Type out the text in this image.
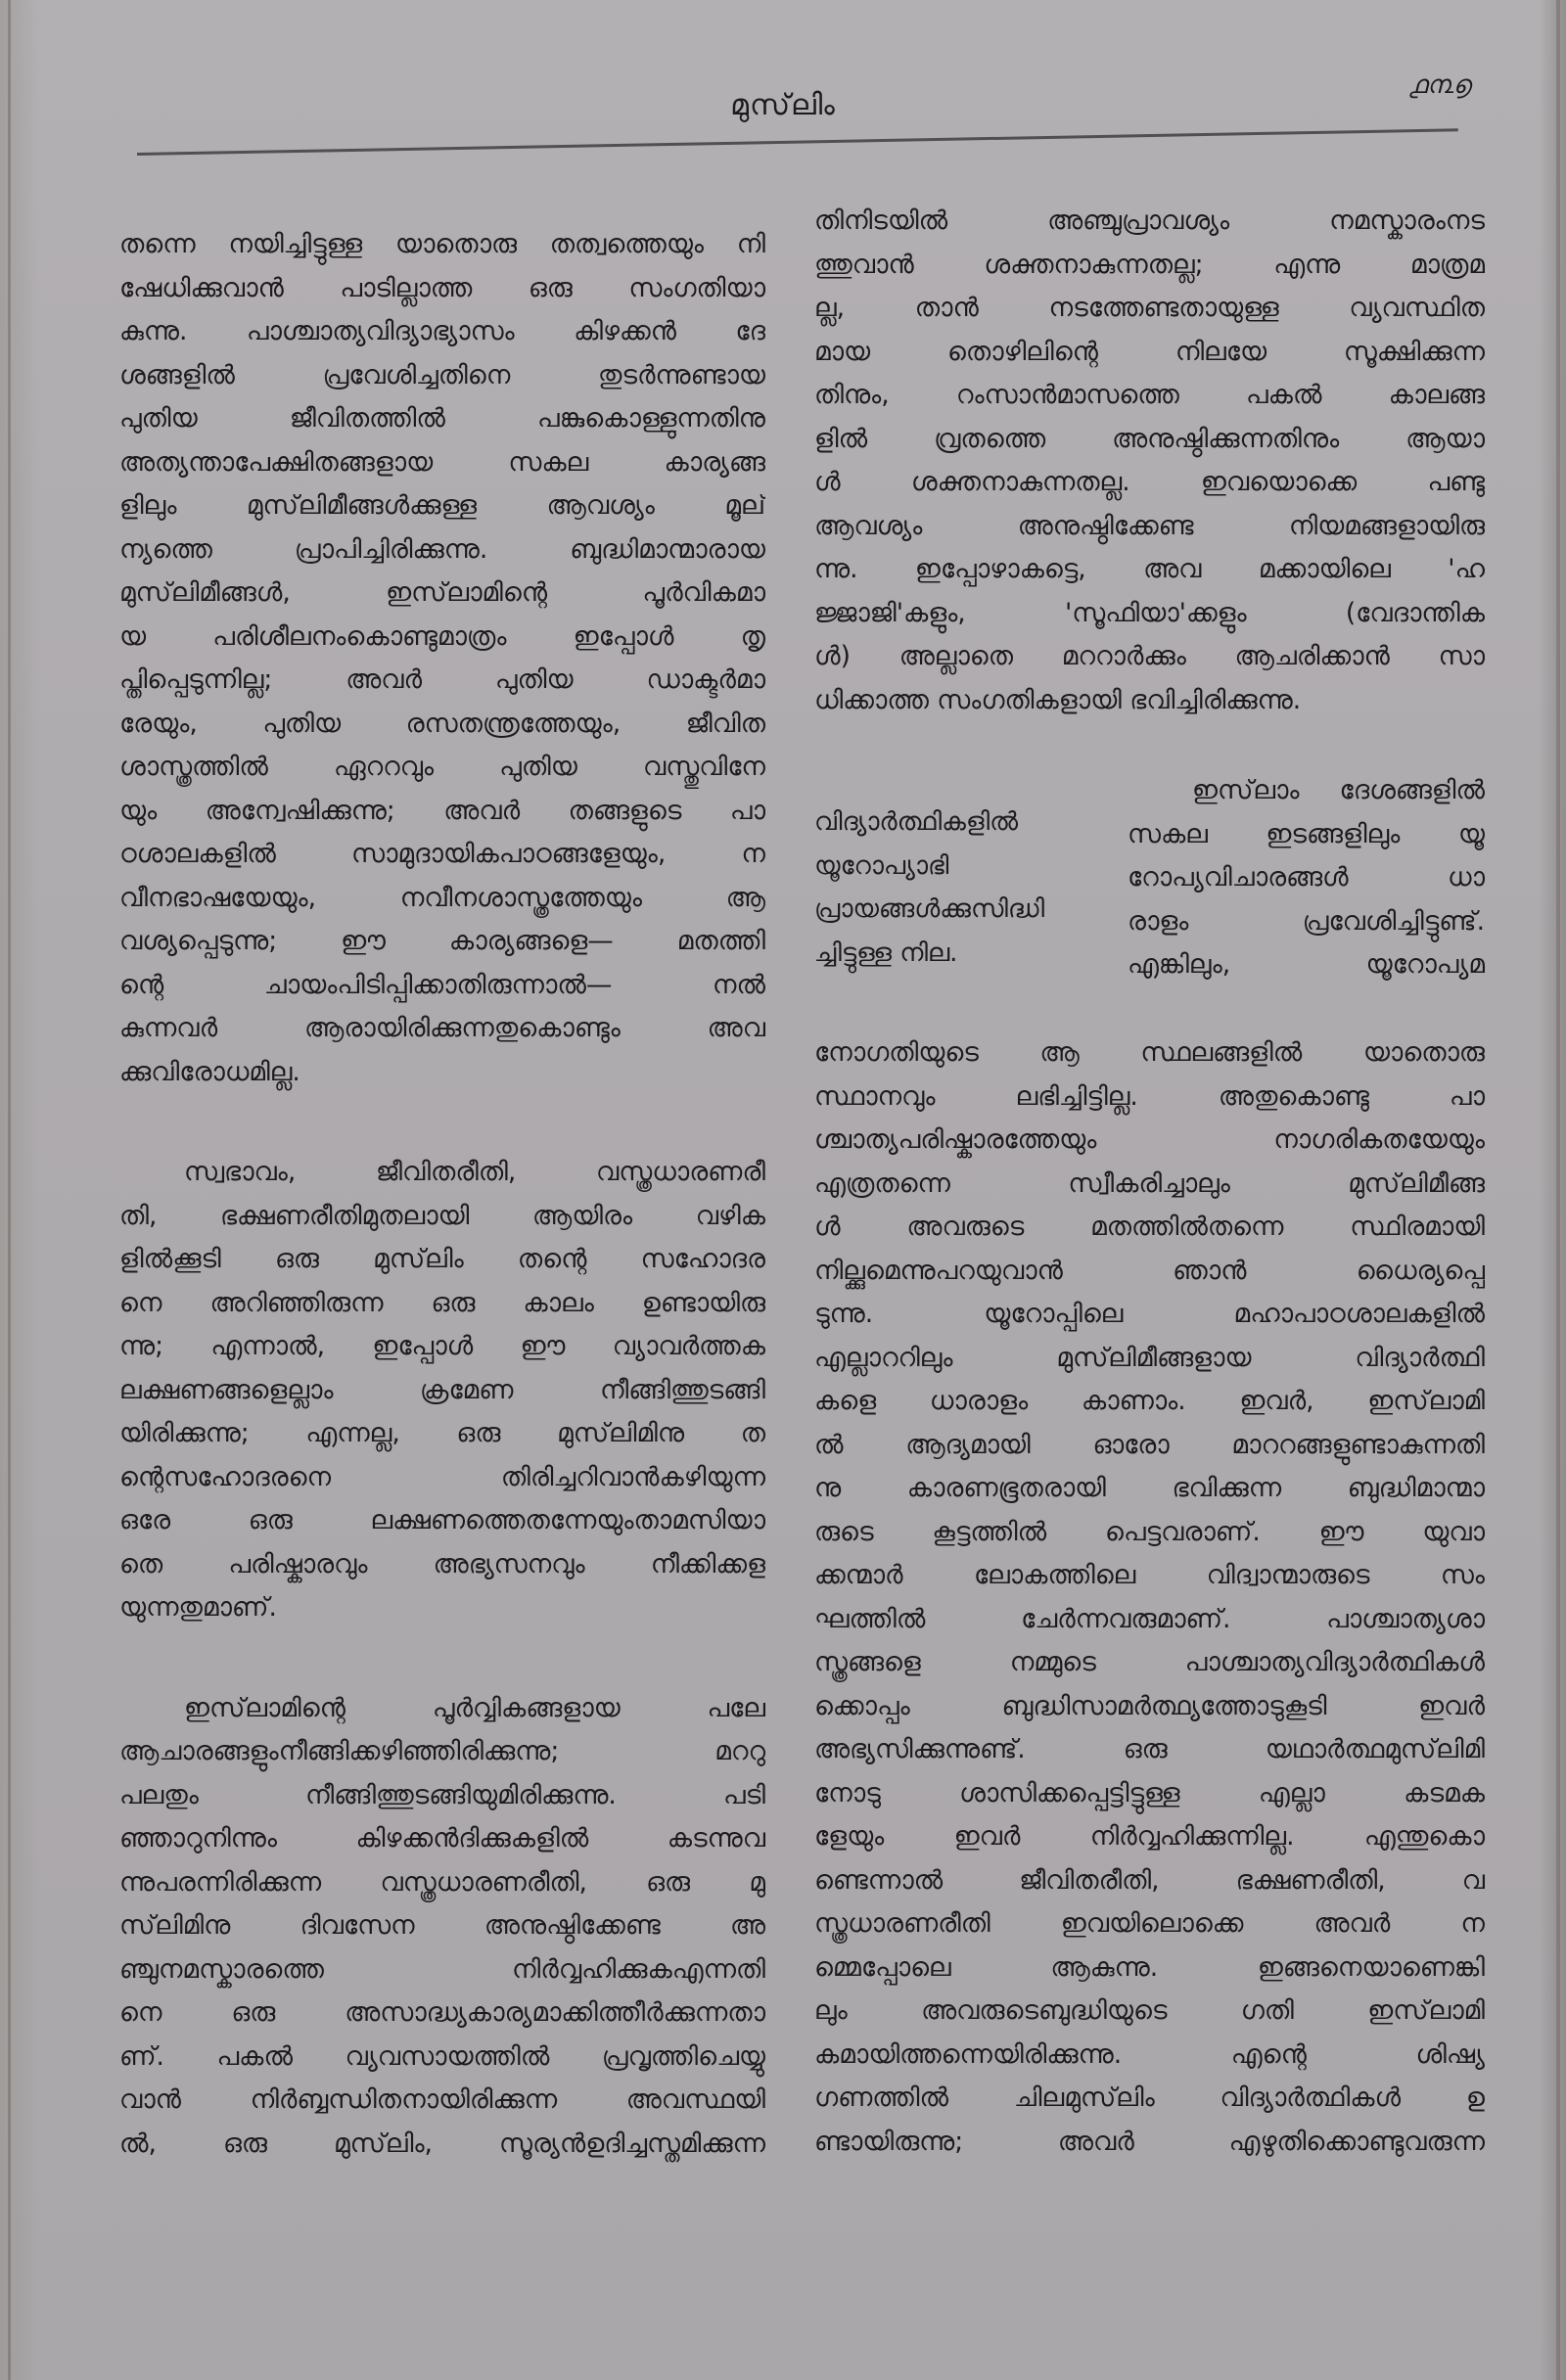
മുസ്‌ലിം
൧൩൭
തന്നെ നയിച്ചിട്ടുള്ള യാതൊരു തത്വത്തെയും നി
ഷേധിക്കുവാൻ പാടില്ലാത്ത ഒരു സംഗതിയാ
കുന്നു. പാശ്ചാത്യവിദ്യാഭ്യാസം കിഴക്കൻ ദേ
ശങ്ങളിൽ പ്രവേശിച്ചതിനെ തുടർന്നുണ്ടായ
പുതിയ ജീവിതത്തിൽ പങ്കുകൊള്ളുന്നതിനു
അത്യന്താപേക്ഷിതങ്ങളായ സകല കാര്യങ്ങ
ളിലും മുസ്‌ലിമീങ്ങൾക്കുള്ള ആവശ്യം മൂല്
ന്യത്തെ പ്രാപിച്ചിരിക്കുന്നു. ബുദ്ധിമാന്മാരായ
മുസ്‌ലിമീങ്ങൾ, ഇസ്‌ലാമിന്റെ പൂർവികമാ
യ പരിശീലനംകൊണ്ടുമാത്രം ഇപ്പോൾ തൃ
പ്തിപ്പെടുന്നില്ല; അവർ പുതിയ ഡാക്ടർമാ
രേയും, പുതിയ രസതന്ത്രത്തേയും, ജീവിത
ശാസ്ത്രത്തിൽ ഏററവും പുതിയ വസ്തുവിനേ
യും അന്വേഷിക്കുന്നു; അവർ തങ്ങളുടെ പാ
ഠശാലകളിൽ സാമുദായികപാഠങ്ങളേയും, ന
വീനഭാഷയേയും, നവീനശാസ്ത്രത്തേയും ആ
വശ്യപ്പെടുന്നു; ഈ കാര്യങ്ങളെ— മതത്തി
ന്റെ ചായംപിടിപ്പിക്കാതിരുന്നാൽ— നൽ
കുന്നവർ ആരായിരിക്കുന്നതുകൊണ്ടും അവ
ക്കുവിരോധമില്ല.
സ്വഭാവം, ജീവിതരീതി, വസ്ത്രധാരണരീ
തി, ഭക്ഷണരീതിമുതലായി ആയിരം വഴിക
ളിൽക്കൂടി ഒരു മുസ്‌ലിം തന്റെ സഹോദര
നെ അറിഞ്ഞിരുന്ന ഒരു കാലം ഉണ്ടായിരു
ന്നു; എന്നാൽ, ഇപ്പോൾ ഈ വ്യാവർത്തക
ലക്ഷണങ്ങളെല്ലാം ക്രമേണ നീങ്ങിത്തുടങ്ങി
യിരിക്കുന്നു; എന്നല്ല, ഒരു മുസ്‌ലിമിനു ത
ന്റെസഹോദരനെ തിരിച്ചറിവാൻകഴിയുന്ന
ഒരേ ഒരു ലക്ഷണത്തെതന്നേയുംതാമസിയാ
തെ പരിഷ്കാരവും അഭ്യസനവും നീക്കിക്കള
യുന്നതുമാണ്.
ഇസ്‌ലാമിന്റെ പൂർവ്വികങ്ങളായ പലേ
ആചാരങ്ങളുംനീങ്ങിക്കഴിഞ്ഞിരിക്കുന്നു; മററു
പലതും നീങ്ങിത്തുടങ്ങിയുമിരിക്കുന്നു. പടി
ഞ്ഞാറുനിന്നും കിഴക്കൻദിക്കുകളിൽ കടന്നുവ
ന്നുപരന്നിരിക്കുന്ന വസ്ത്രധാരണരീതി, ഒരു മു
സ്‌ലിമിനു ദിവസേന അനുഷ്ഠിക്കേണ്ട അ
ഞ്ചുനമസ്കാരത്തെ നിർവ്വഹിക്കുകഎന്നതി
നെ ഒരു അസാദ്ധ്യകാര്യമാക്കിത്തീർക്കുന്നതാ
ണ്. പകൽ വ്യവസായത്തിൽ പ്രവൃത്തിചെയ്യു
വാൻ നിർബ്ബന്ധിതനായിരിക്കുന്ന അവസ്ഥയി
ൽ, ഒരു മുസ്‌ലിം, സൂര്യൻഉദിച്ചസ്തമിക്കുന്ന
തിനിടയിൽ അഞ്ചുപ്രാവശ്യം നമസ്കാരംനട
ത്തുവാൻ ശക്തനാകുന്നതല്ല; എന്നു മാത്രമ
ല്ല, താൻ നടത്തേണ്ടതായുള്ള വ്യവസ്ഥിത
മായ തൊഴിലിന്റെ നിലയേ സൂക്ഷിക്കുന്ന
തിനും, റംസാൻമാസത്തെ പകൽ കാലങ്ങ
ളിൽ വ്രതത്തെ അനുഷ്ഠിക്കുന്നതിനും ആയാ
ൾ ശക്തനാകുന്നതല്ല. ഇവയൊക്കെ പണ്ടു
ആവശ്യം അനുഷ്ഠിക്കേണ്ട നിയമങ്ങളായിരു
ന്നു. ഇപ്പോഴാകട്ടെ, അവ മക്കായിലെ 'ഹ
ജ്ജാജി'കളും, 'സൂഫിയാ'ക്കളും (വേദാന്തിക
ൾ) അല്ലാതെ മററാർക്കും ആചരിക്കാൻ സാ
ധിക്കാത്ത സംഗതികളായി ഭവിച്ചിരിക്കുന്നു.
വിദ്യാർത്ഥികളിൽ
യൂറോപ്യാഭി
പ്രായങ്ങൾക്കുസിദ്ധി
ച്ചിട്ടുള്ള നില.
ഇസ്‌ലാം ദേശങ്ങളിൽ
സകല ഇടങ്ങളിലും യൂ
റോപ്യവിചാരങ്ങൾ ധാ
രാളം പ്രവേശിച്ചിട്ടുണ്ട്.
എങ്കിലും, യൂറോപ്യമ
നോഗതിയുടെ ആ സ്ഥലങ്ങളിൽ യാതൊരു
സ്ഥാനവും ലഭിച്ചിട്ടില്ല. അതുകൊണ്ടു പാ
ശ്ചാത്യപരിഷ്കാരത്തേയും നാഗരികതയേയും
എത്രതന്നെ സ്വീകരിച്ചാലും മുസ്‌ലിമീങ്ങ
ൾ അവരുടെ മതത്തിൽതന്നെ സ്ഥിരമായി
നില്ക്കുമെന്നുപറയുവാൻ ഞാൻ ധൈര്യപ്പെ
ടുന്നു. യൂറോപ്പിലെ മഹാപാഠശാലകളിൽ
എല്ലാററിലും മുസ്‌ലിമീങ്ങളായ വിദ്യാർത്ഥി
കളെ ധാരാളം കാണാം. ഇവർ, ഇസ്‌ലാമി
ൽ ആദ്യമായി ഓരോ മാററങ്ങളുണ്ടാകുന്നതി
നു കാരണഭൂതരായി ഭവിക്കുന്ന ബുദ്ധിമാന്മാ
രുടെ കൂട്ടത്തിൽ പെട്ടവരാണ്. ഈ യുവാ
ക്കന്മാർ ലോകത്തിലെ വിദ്വാന്മാരുടെ സം
ഘത്തിൽ ചേർന്നവരുമാണ്. പാശ്ചാത്യശാ
സ്ത്രങ്ങളെ നമ്മുടെ പാശ്ചാത്യവിദ്യാർത്ഥികൾ
ക്കൊപ്പം ബുദ്ധിസാമർത്ഥ്യത്തോടുകൂടി ഇവർ
അഭ്യസിക്കുന്നുണ്ട്. ഒരു യഥാർത്ഥമുസ്‌ലിമി
നോടു ശാസിക്കപ്പെട്ടിട്ടുള്ള എല്ലാ കടമക
ളേയും ഇവർ നിർവ്വഹിക്കുന്നില്ല. എന്തുകൊ
ണ്ടെന്നാൽ ജീവിതരീതി, ഭക്ഷണരീതി, വ
സ്ത്രധാരണരീതി ഇവയിലൊക്കെ അവർ ന
മ്മെപ്പോലെ ആകുന്നു. ഇങ്ങനെയാണെങ്കി
ലും അവരുടെബുദ്ധിയുടെ ഗതി ഇസ്‌ലാമി
കമായിത്തന്നെയിരിക്കുന്നു. എന്റെ ശിഷ്യ
ഗണത്തിൽ ചിലമുസ്‌ലിം വിദ്യാർത്ഥികൾ ഉ
ണ്ടായിരുന്നു; അവർ എഴുതിക്കൊണ്ടുവരുന്ന
